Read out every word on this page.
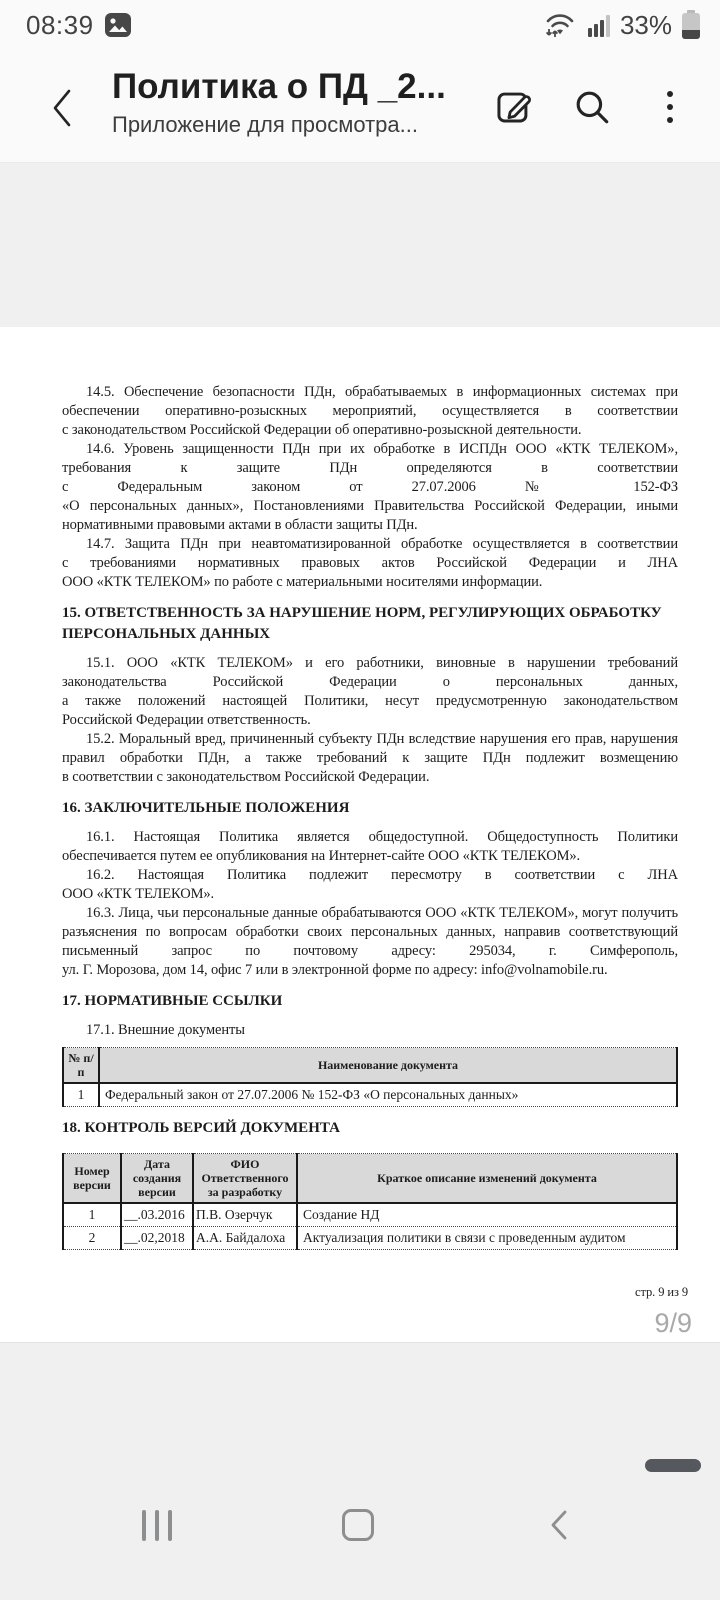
08:39	33%
Политика о ПД _2...
Приложение для просмотра...
14.5. Обеспечение безопасности ПДн, обрабатываемых в информационных системах при
обеспечении оперативно-розыскных мероприятий, осуществляется в соответствии
с законодательством Российской Федерации об оперативно-розыскной деятельности.
14.6. Уровень защищенности ПДн при их обработке в ИСПДн ООО «КТК ТЕЛЕКОМ»,
требования к защите ПДн определяются в соответствии
с Федеральным законом от 27.07.2006 № 152-ФЗ
«О персональных данных», Постановлениями Правительства Российской Федерации, иными
нормативными правовыми актами в области защиты ПДн.
14.7. Защита ПДн при неавтоматизированной обработке осуществляется в соответствии
с требованиями нормативных правовых актов Российской Федерации и ЛНА
ООО «КТК ТЕЛЕКОМ» по работе с материальными носителями информации.
15. ОТВЕТСТВЕННОСТЬ ЗА НАРУШЕНИЕ НОРМ, РЕГУЛИРУЮЩИХ ОБРАБОТКУ
ПЕРСОНАЛЬНЫХ ДАННЫХ
15.1. ООО «КТК ТЕЛЕКОМ» и его работники, виновные в нарушении требований
законодательства Российской Федерации о персональных данных,
а также положений настоящей Политики, несут предусмотренную законодательством
Российской Федерации ответственность.
15.2. Моральный вред, причиненный субъекту ПДн вследствие нарушения его прав, нарушения
правил обработки ПДн, а также требований к защите ПДн подлежит возмещению
в соответствии с законодательством Российской Федерации.
16. ЗАКЛЮЧИТЕЛЬНЫЕ ПОЛОЖЕНИЯ
16.1. Настоящая Политика является общедоступной. Общедоступность Политики
обеспечивается путем ее опубликования на Интернет-сайте ООО «КТК ТЕЛЕКОМ».
16.2. Настоящая Политика подлежит пересмотру в соответствии с ЛНА
ООО «КТК ТЕЛЕКОМ».
16.3. Лица, чьи персональные данные обрабатываются ООО «КТК ТЕЛЕКОМ», могут получить
разъяснения по вопросам обработки своих персональных данных, направив соответствующий
письменный запрос по почтовому адресу: 295034, г. Симферополь,
ул. Г. Морозова, дом 14, офис 7 или в электронной форме по адресу: info@volnamobile.ru.
17. НОРМАТИВНЫЕ ССЫЛКИ
17.1. Внешние документы
№ п/п	Наименование документа
1	Федеральный закон от 27.07.2006 № 152-ФЗ «О персональных данных»
18. КОНТРОЛЬ ВЕРСИЙ ДОКУМЕНТА
Номер версии	Дата создания версии	ФИО Ответственного за разработку	Краткое описание изменений документа
1	__.03.2016	П.В. Озерчук	Создание НД
2	__.02,2018	А.А. Байдалоха	Актуализация политики в связи с проведенным аудитом
стр. 9 из 9
9/9
